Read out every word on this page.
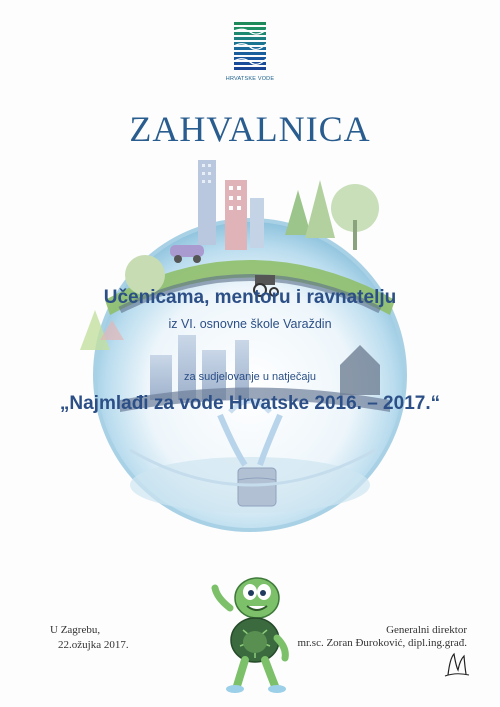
HRVATSKE VODE
ZAHVALNICA
Učenicama, mentoru i ravnatelju
iz VI. osnovne škole Varaždin
za sudjelovanje u natječaju
„Najmlađi za vode Hrvatske 2016. – 2017.“
U Zagrebu,
22.ožujka 2017.
Generalni direktor
mr.sc. Zoran Đuroković, dipl.ing.građ.
